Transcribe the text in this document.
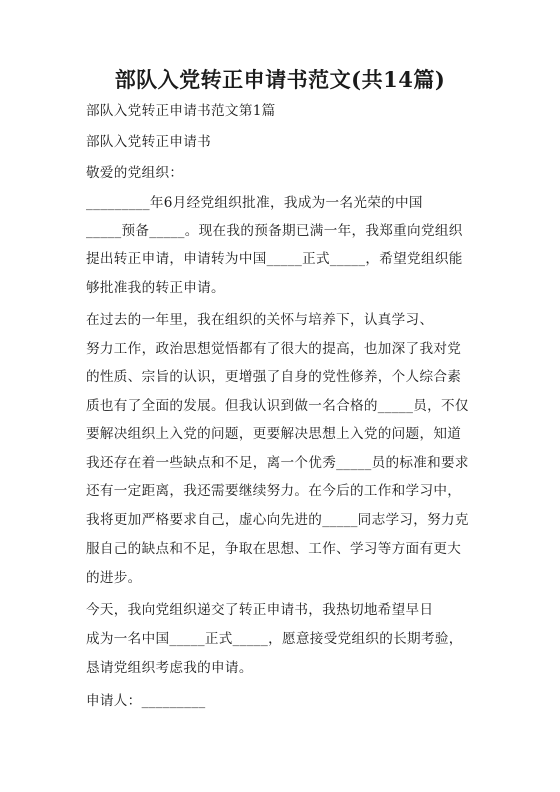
部队入党转正申请书范文(共14篇)
部队入党转正申请书范文第1篇
部队入党转正申请书
敬爱的党组织：
_________年6月经党组织批准，我成为一名光荣的中国
_____预备_____。现在我的预备期已满一年，我郑重向党组织
提出转正申请，申请转为中国_____正式_____，希望党组织能
够批准我的转正申请。
在过去的一年里，我在组织的关怀与培养下，认真学习、
努力工作，政治思想觉悟都有了很大的提高，也加深了我对党
的性质、宗旨的认识，更增强了自身的党性修养，个人综合素
质也有了全面的发展。但我认识到做一名合格的_____员，不仅
要解决组织上入党的问题，更要解决思想上入党的问题，知道
我还存在着一些缺点和不足，离一个优秀_____员的标准和要求
还有一定距离，我还需要继续努力。在今后的工作和学习中，
我将更加严格要求自己，虚心向先进的_____同志学习，努力克
服自己的缺点和不足，争取在思想、工作、学习等方面有更大
的进步。
今天，我向党组织递交了转正申请书，我热切地希望早日
成为一名中国_____正式_____，愿意接受党组织的长期考验，
恳请党组织考虑我的申请。
申请人：_________
